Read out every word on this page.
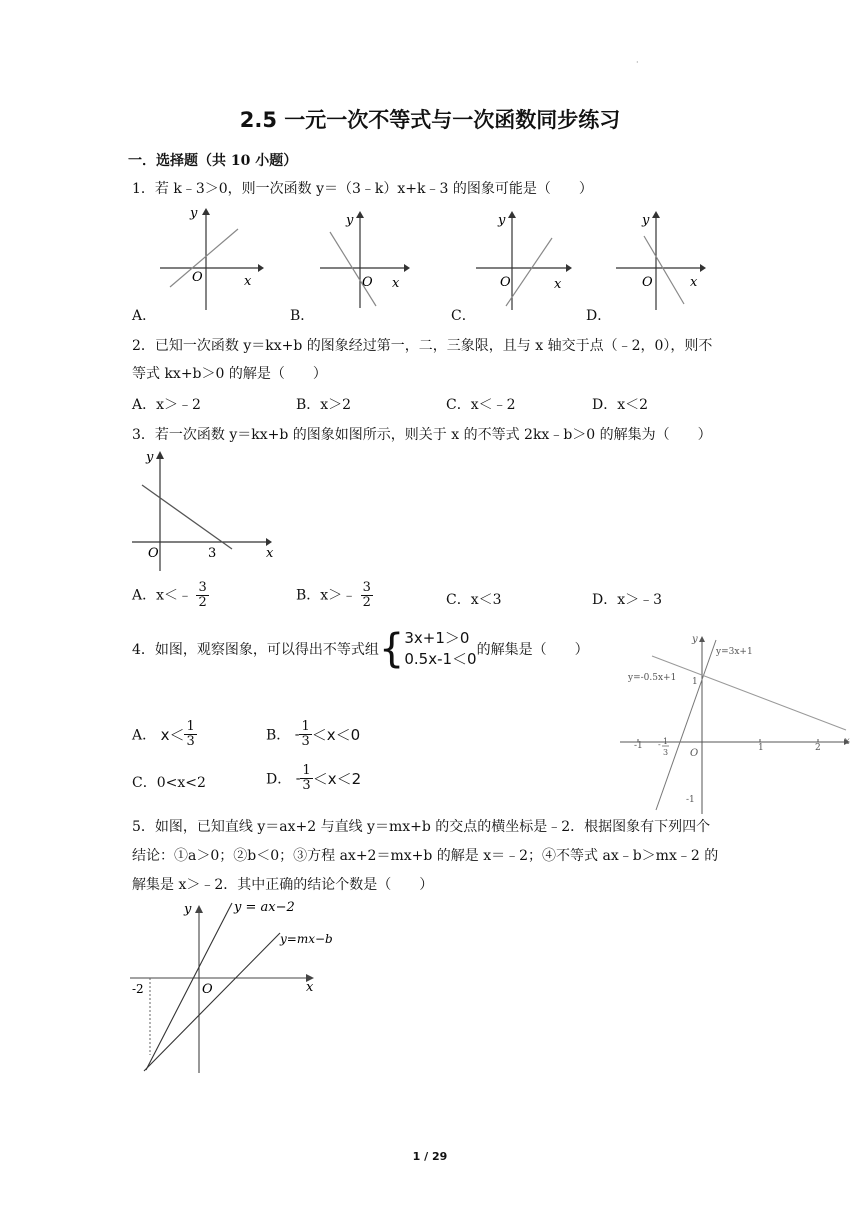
·
2.5 一元一次不等式与一次函数同步练习
一．选择题（共 10 小题）
1．若 k﹣3＞0，则一次函数 y＝（3﹣k）x+k﹣3 的图象可能是（　　）
y
x
O
y
x
O
y
x
O
y
x
O
A．	B．	C．	D．
2．已知一次函数 y＝kx+b 的图象经过第一，二，三象限，且与 x 轴交于点（﹣2，0），则不
等式 kx+b＞0 的解是（　　）
A．x＞﹣2	B．x＞2	C．x＜﹣2	D．x＜2
3．若一次函数 y＝kx+b 的图象如图所示，则关于 x 的不等式 2kx﹣b＞0 的解集为（　　）
y
x
O	3
A．x＜﹣ $\frac{3}{2}$	B．x＞﹣ $\frac{3}{2}$	C．x＜3	D．x＞﹣3
4．如图，观察图象，可以得出不等式组{ 3x+1＞0
0.5x-1＜0 的解集是（　　）	y=3x+1
y=-0.5x+1
y
x
O
-1	1	2
- 1
3
1
-1
A． $x< \frac{1}{3}$	B． - $\frac{1}{3} <x<0$
C．0<x<2	D． - $\frac{1}{3} <x<2$
5．如图，已知直线 y＝ax+2 与直线 y＝mx+b 的交点的横坐标是﹣2．根据图象有下列四个
结论：①a＞0；②b＜0；③方程 ax+2＝mx+b 的解是 x＝﹣2；④不等式 ax﹣b＞mx﹣2 的
解集是 x＞﹣2．其中正确的结论个数是（　　）
y
x
O
-2
y = ax−2
y=mx−b
1 / 29
